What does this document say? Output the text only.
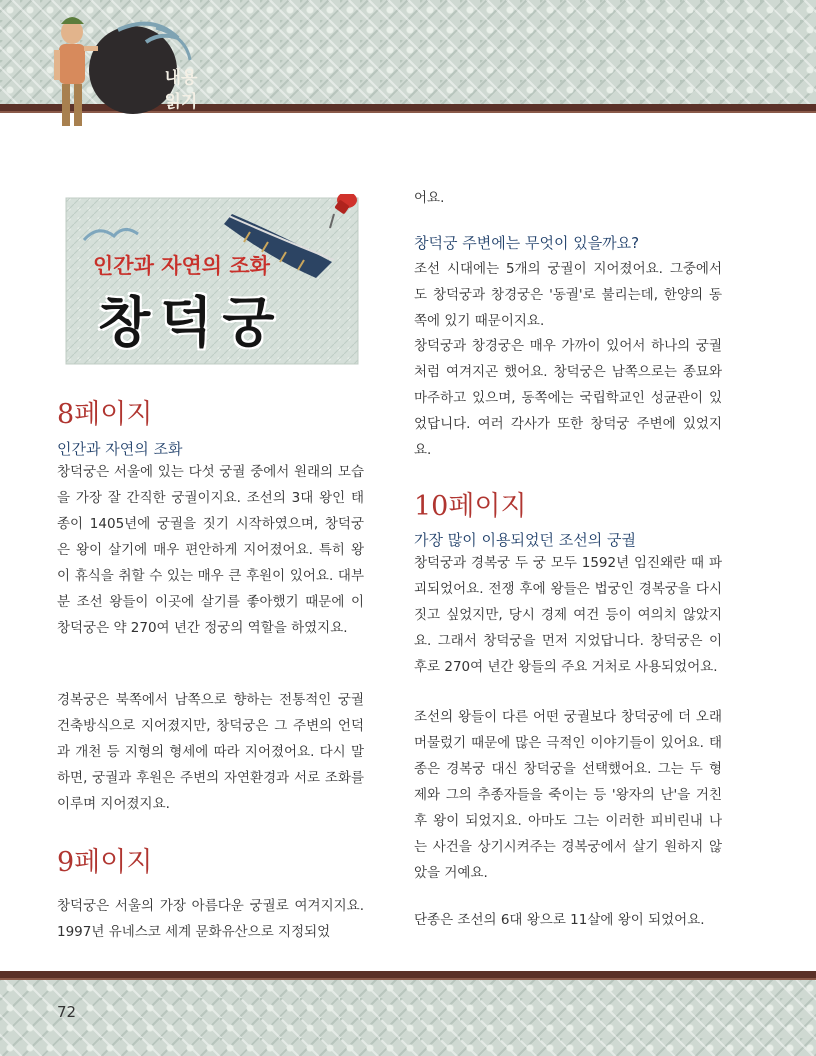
내용
읽기
인간과 자연의 조화
창덕궁
8페이지
인간과 자연의 조화

창덕궁은 서울에 있는 다섯 궁궐 중에서 원래의 모습을 가장 잘 간직한 궁궐이지요. 조선의 3대 왕인 태종이 1405년에 궁궐을 짓기 시작하였으며, 창덕궁은 왕이 살기에 매우 편안하게 지어졌어요. 특히 왕이 휴식을 취할 수 있는 매우 큰 후원이 있어요. 대부분 조선 왕들이 이곳에 살기를 좋아했기 때문에 이 창덕궁은 약 270여 년간 정궁의 역할을 하였지요.

경복궁은 북쪽에서 남쪽으로 향하는 전통적인 궁궐 건축방식으로 지어졌지만, 창덕궁은 그 주변의 언덕과 개천 등 지형의 형세에 따라 지어졌어요. 다시 말하면, 궁궐과 후원은 주변의 자연환경과 서로 조화를 이루며 지어졌지요.

9페이지

창덕궁은 서울의 가장 아름다운 궁궐로 여겨지지요. 1997년 유네스코 세계 문화유산으로 지정되었

어요.

창덕궁 주변에는 무엇이 있을까요?

조선 시대에는 5개의 궁궐이 지어졌어요. 그중에서도 창덕궁과 창경궁은 '동궐'로 불리는데, 한양의 동쪽에 있기 때문이지요.

창덕궁과 창경궁은 매우 가까이 있어서 하나의 궁궐처럼 여겨지곤 했어요. 창덕궁은 남쪽으로는 종묘와 마주하고 있으며, 동쪽에는 국립학교인 성균관이 있었답니다. 여러 각사가 또한 창덕궁 주변에 있었지요.

10페이지
가장 많이 이용되었던 조선의 궁궐

창덕궁과 경복궁 두 궁 모두 1592년 임진왜란 때 파괴되었어요. 전쟁 후에 왕들은 법궁인 경복궁을 다시 짓고 싶었지만, 당시 경제 여건 등이 여의치 않았지요. 그래서 창덕궁을 먼저 지었답니다. 창덕궁은 이후로 270여 년간 왕들의 주요 거처로 사용되었어요.

조선의 왕들이 다른 어떤 궁궐보다 창덕궁에 더 오래 머물렀기 때문에 많은 극적인 이야기들이 있어요. 태종은 경복궁 대신 창덕궁을 선택했어요. 그는 두 형제와 그의 추종자들을 죽이는 등 '왕자의 난'을 거친 후 왕이 되었지요. 아마도 그는 이러한 피비린내 나는 사건을 상기시켜주는 경복궁에서 살기 원하지 않았을 거예요.

단종은 조선의 6대 왕으로 11살에 왕이 되었어요.

72
